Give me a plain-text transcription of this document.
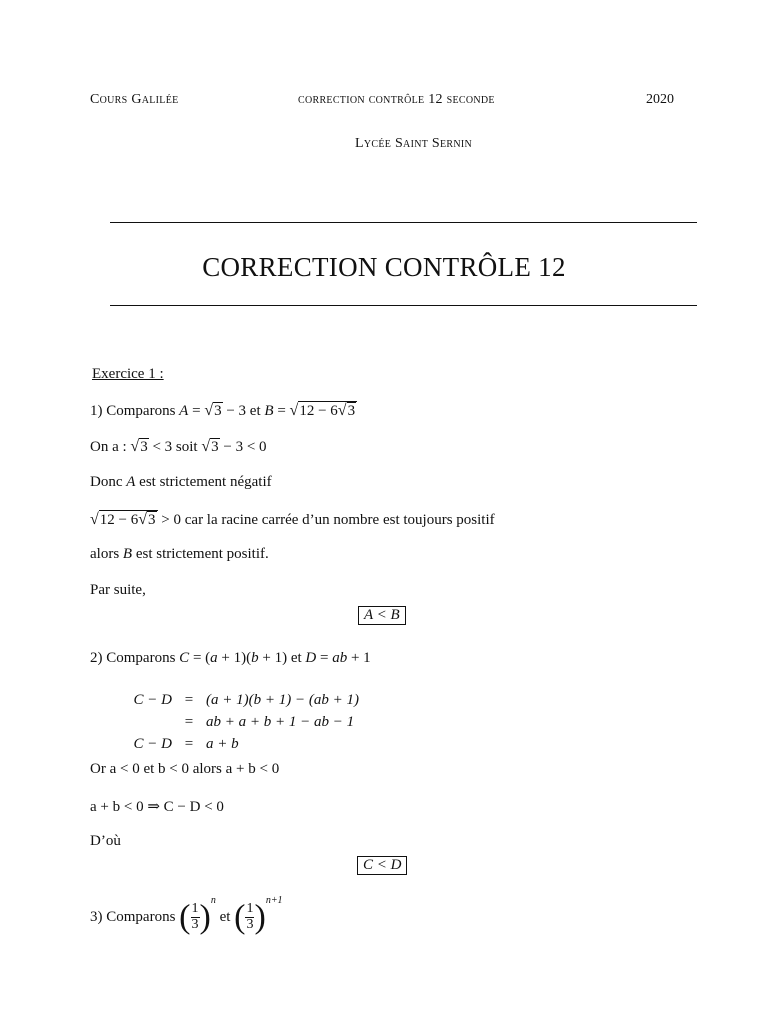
Cours Galilée	correction contrôle 12 seconde	2020
Lycée Saint Sernin
CORRECTION CONTRÔLE 12
Exercice 1 :
1) Comparons A = √3 − 3 et B = √12 − 6√3
On a : √3 < 3 soit √3 − 3 < 0
Donc A est strictement négatif
√12 − 6√3 > 0 car la racine carrée d’un nombre est toujours positif
alors B est strictement positif.
Par suite,
A < B
2) Comparons C = (a + 1)(b + 1) et D = ab + 1
C − D	=	(a + 1)(b + 1) − (ab + 1)
	=	ab + a + b + 1 − ab − 1
C − D	=	a + b
Or a < 0 et b < 0 alors a + b < 0
a + b < 0 ⇒ C − D < 0
D’où
C < D
3) Comparons ( $\frac{1}{3} )^n$ et ( $\frac{1}{3} )^{n+1}$
